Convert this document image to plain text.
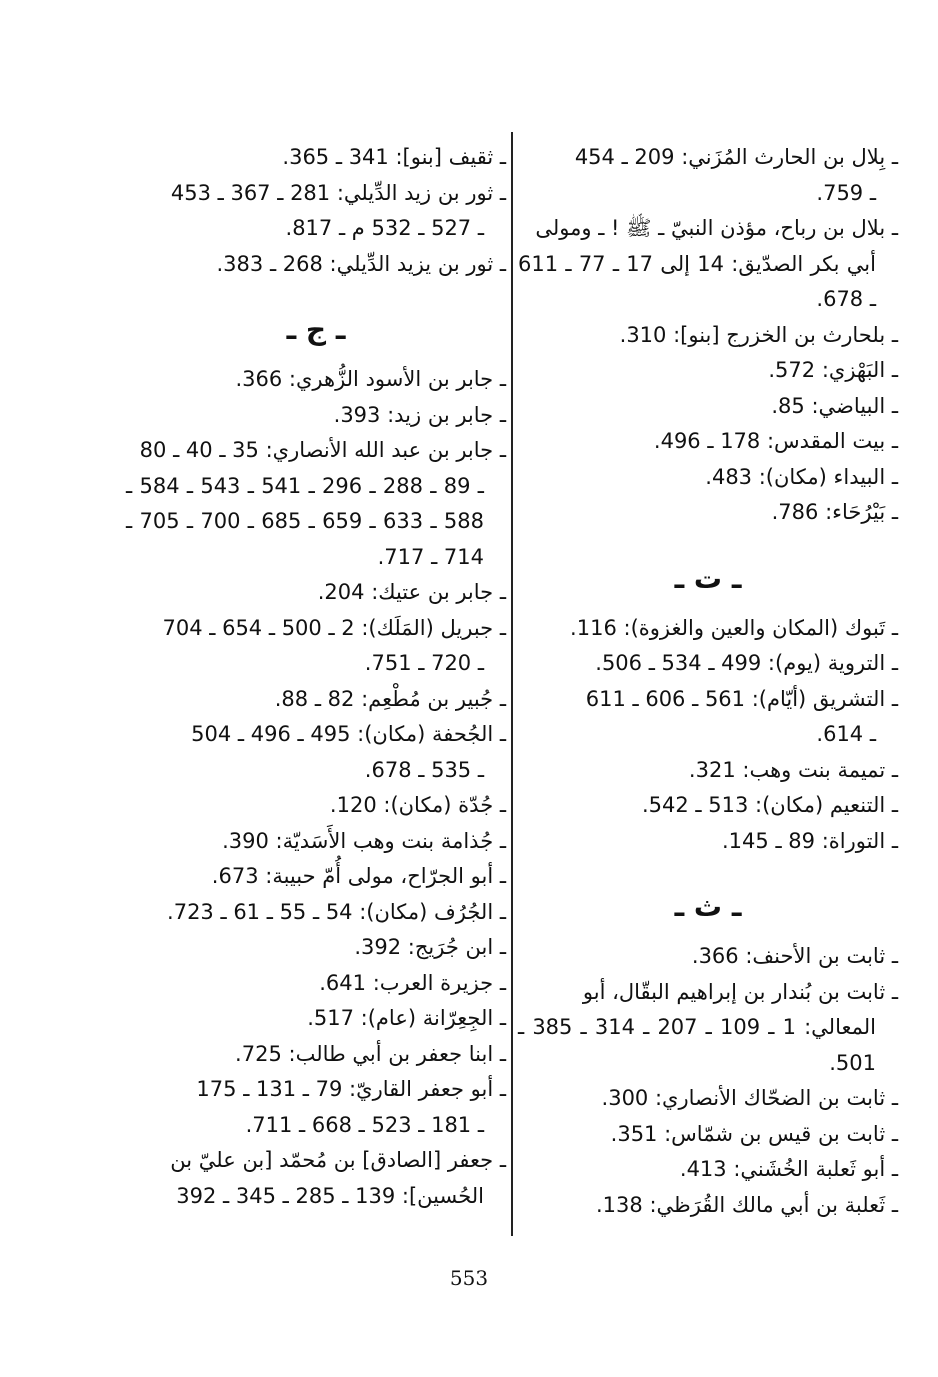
ـ بِلال بن الحارث المُزَني: 209 ـ 454
ـ 759.

ـ بلال بن رباح، مؤذن النبيّ ـ ﷺ ! ـ ومولى
أبي بكر الصدّيق: 14 إلى 17 ـ 77 ـ 611 ـ 678.

ـ بلحارث بن الخزرج [بنو]: 310.

ـ البَهْزي: 572.

ـ البياضي: 85.

ـ بيت المقدس: 178 ـ 496.

ـ البيداء (مكان): 483.

ـ بَيْرُحَاء: 786.

ـ ت ـ

ـ تَبوك (المكان والعين والغزوة): 116.

ـ التروية (يوم): 499 ـ 534 ـ 506.

ـ التشريق (أيّام): 561 ـ 606 ـ 611
ـ 614.

ـ تميمة بنت وهب: 321.

ـ التنعيم (مكان): 513 ـ 542.

ـ التوراة: 89 ـ 145.

ـ ث ـ

ـ ثابت بن الأحنف: 366.

ـ ثابت بن بُندار بن إبراهيم البقّال، أبو
المعالي: 1 ـ 109 ـ 207 ـ 314 ـ 385 ـ 501.

ـ ثابت بن الضحّاك الأنصاري: 300.

ـ ثابت بن قيس بن شمّاس: 351.

ـ أبو ثَعلبة الخُشَني: 413.

ـ ثَعلبة بن أبي مالك القُرَظي: 138.

ـ ثقيف [بنو]: 341 ـ 365.

ـ ثور بن زيد الدِّيلي: 281 ـ 367 ـ 453
ـ 527 ـ 532 م ـ 817.

ـ ثور بن يزيد الدِّيلي: 268 ـ 383.

ـ ج ـ

ـ جابر بن الأسود الزُّهري: 366.

ـ جابر بن زيد: 393.

ـ جابر بن عبد الله الأنصاري: 35 ـ 40 ـ 80
ـ 89 ـ 288 ـ 296 ـ 541 ـ 543 ـ 584 ـ 588 ـ 633 ـ 659 ـ 685 ـ 700 ـ 705 ـ 714 ـ 717.

ـ جابر بن عتيك: 204.

ـ جبريل (المَلَك): 2 ـ 500 ـ 654 ـ 704
ـ 720 ـ 751.

ـ جُبير بن مُطْعِم: 82 ـ 88.

ـ الجُحفة (مكان): 495 ـ 496 ـ 504
ـ 535 ـ 678.

ـ جُدّة (مكان): 120.

ـ جُذامة بنت وهب الأَسَديّة: 390.

ـ أبو الجرّاح، مولى أُمّ حبيبة: 673.

ـ الجُرُف (مكان): 54 ـ 55 ـ 61 ـ 723.

ـ ابن جُرَيج: 392.

ـ جزيرة العرب: 641.

ـ الجِعِرّانة (عام): 517.

ـ ابنا جعفر بن أبي طالب: 725.

ـ أبو جعفر القاريّ: 79 ـ 131 ـ 175
ـ 181 ـ 523 ـ 668 ـ 711.

ـ جعفر [الصادق] بن مُحمّد [بن عليّ بن
الحُسين]: 139 ـ 285 ـ 345 ـ 392

553
